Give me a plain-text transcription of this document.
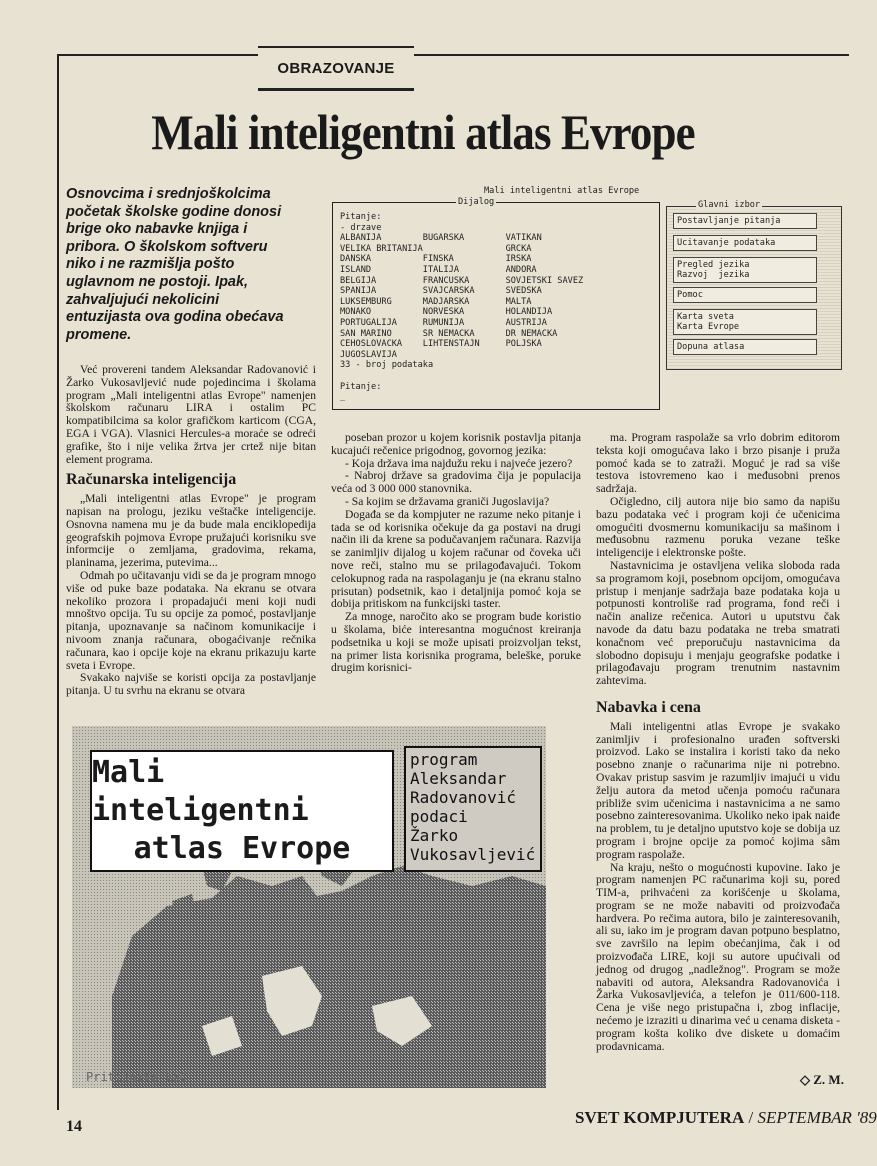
OBRAZOVANJE
Mali inteligentni atlas Evrope
Osnovcima i srednjoškolcima početak školske godine donosi brige oko nabavke knjiga i pribora. O školskom softveru niko i ne razmišlja pošto uglavnom ne postoji. Ipak, zahvaljujući nekolicini entuzijasta ova godina obećava promene.
Mali inteligentni atlas Evrope
Dijalog
Pitanje:
- drzave
ALBANIJA        BUGARSKA        VATIKAN
VELIKA BRITANIJA                GRCKA
DANSKA          FINSKA          IRSKA
ISLAND          ITALIJA         ANDORA
BELGIJA         FRANCUSKA       SOVJETSKI SAVEZ
SPANIJA         SVAJCARSKA      SVEDSKA
LUKSEMBURG      MADJARSKA       MALTA
MONAKO          NORVESKA        HOLANDIJA
PORTUGALIJA     RUMUNIJA        AUSTRIJA
SAN MARINO      SR NEMACKA      DR NEMACKA
CEHOSLOVACKA    LIHTENSTAJN     POLJSKA
JUGOSLAVIJA
33 - broj podataka

Pitanje:
_
Postavljanje pitanja
Ucitavanje podataka
Pregled jezika
Razvoj  jezika
Pomoc
Karta sveta
Karta Evrope
Dopuna atlasa
Glavni izbor

Već provereni tandem Aleksandar Radovanović i Žarko Vukosavljević nude pojedincima i školama program „Mali inteligentni atlas Evrope" namenjen školskom računaru LIRA i ostalim PC kompatibilcima sa kolor grafičkom karticom (CGA, EGA i VGA). Vlasnici Hercules-a moraće se odreći grafike, što i nije velika žrtva jer crtež nije bitan element programa.

Računarska inteligencija

„Mali inteligentni atlas Evrope" je program napisan na prologu, jeziku veštačke inteligencije. Osnovna namena mu je da bude mala enciklopedija geografskih pojmova Evrope pružajući korisniku sve informcije o zemljama, gradovima, rekama, planinama, jezerima, putevima...

Odmah po učitavanju vidi se da je program mnogo više od puke baze podataka. Na ekranu se otvara nekoliko prozora i propadajući meni koji nudi mnoštvo opcija. Tu su opcije za pomoć, postavljanje pitanja, upoznavanje sa načinom komunikacije i nivoom znanja računara, obogaćivanje rečnika računara, kao i opcije koje na ekranu prikazuju karte sveta i Evrope.

Svakako najviše se koristi opcija za postavljanje pitanja. U tu svrhu na ekranu se otvara

poseban prozor u kojem korisnik postavlja pitanja kucajući rečenice prigodnog, govornog jezika:

- Koja država ima najdužu reku i najveće jezero?

- Nabroj države sa gradovima čija je populacija veća od 3 000 000 stanovnika.

- Sa kojim se državama graniči Jugoslavija?

Događa se da kompjuter ne razume neko pitanje i tada se od korisnika očekuje da ga postavi na drugi način ili da krene sa podučavanjem računara. Razvija se zanimljiv dijalog u kojem računar od čoveka uči nove reči, stalno mu se prilagođavajući. Tokom celokupnog rada na raspolaganju je (na ekranu stalno prisutan) podsetnik, kao i detaljnija pomoć koja se dobija pritiskom na funkcijski taster.

Za mnoge, naročito ako se program bude koristio u školama, biće interesantna mogućnost kreiranja podsetnika u koji se može upisati proizvoljan tekst, na primer lista korisnika programa, beleške, poruke drugim korisnici-

ma. Program raspolaže sa vrlo dobrim editorom teksta koji omogućava lako i brzo pisanje i pruža pomoć kada se to zatraži. Moguć je rad sa više testova istovremeno kao i međusobni prenos sadržaja.

Očigledno, cilj autora nije bio samo da napišu bazu podataka već i program koji će učenicima omogućiti dvosmernu komunikaciju sa mašinom i međusobnu razmenu poruka vezane teške inteligencije i elektronske pošte.

Nastavnicima je ostavljena velika sloboda rada sa programom koji, posebnom opcijom, omogućava pristup i menjanje sadržaja baze podataka koja u potpunosti kontroliše rad programa, fond reči i način analize rečenica. Autori u uputstvu čak navode da datu bazu podataka ne treba smatrati konačnom već preporučuju nastavnicima da slobodno dopisuju i menjaju geografske podatke i prilagođavaju program trenutnim nastavnim zahtevima.

Nabavka i cena

Mali inteligentni atlas Evrope je svakako zanimljiv i profesionalno urađen softverski proizvod. Lako se instalira i koristi tako da neko posebno znanje o računarima nije ni potrebno. Ovakav pristup sasvim je razumljiv imajući u vidu želju autora da metod učenja pomoću računara približe svim učenicima i nastavnicima a ne samo posebno zainteresovanima. Ukoliko neko ipak naiđe na problem, tu je detaljno uputstvo koje se dobija uz program i brojne opcije za pomoć kojima sâm program raspolaže.

Na kraju, nešto o mogućnosti kupovine. Iako je program namenjen PC računarima koji su, pored TIM-a, prihvaćeni za korišćenje u školama, program se ne može nabaviti od proizvođača hardvera. Po rečima autora, bilo je zainteresovanih, ali su, iako im je program davan potpuno besplatno, sve završilo na lepim obećanjima, čak i od proizvođača LIRE, koji su autore upućivali od jednog od drugog „nadležnog". Program se može nabaviti od autora, Aleksandra Radovanovića i Žarka Vukosavljevića, a telefon je 011/600-118. Cena je više nego pristupačna i, zbog inflacije, nećemo je izraziti u dinarima već u cenama disketa - program košta koliko dve diskete u domaćim prodavnicama.

◇ Z. M.
Mali inteligentni
atlas Evrope
program
Aleksandar
Radovanović
podaci
Žarko
Vukosavljević
Pritisnite ESC
14	SVET KOMPJUTERA / SEPTEMBAR '89
